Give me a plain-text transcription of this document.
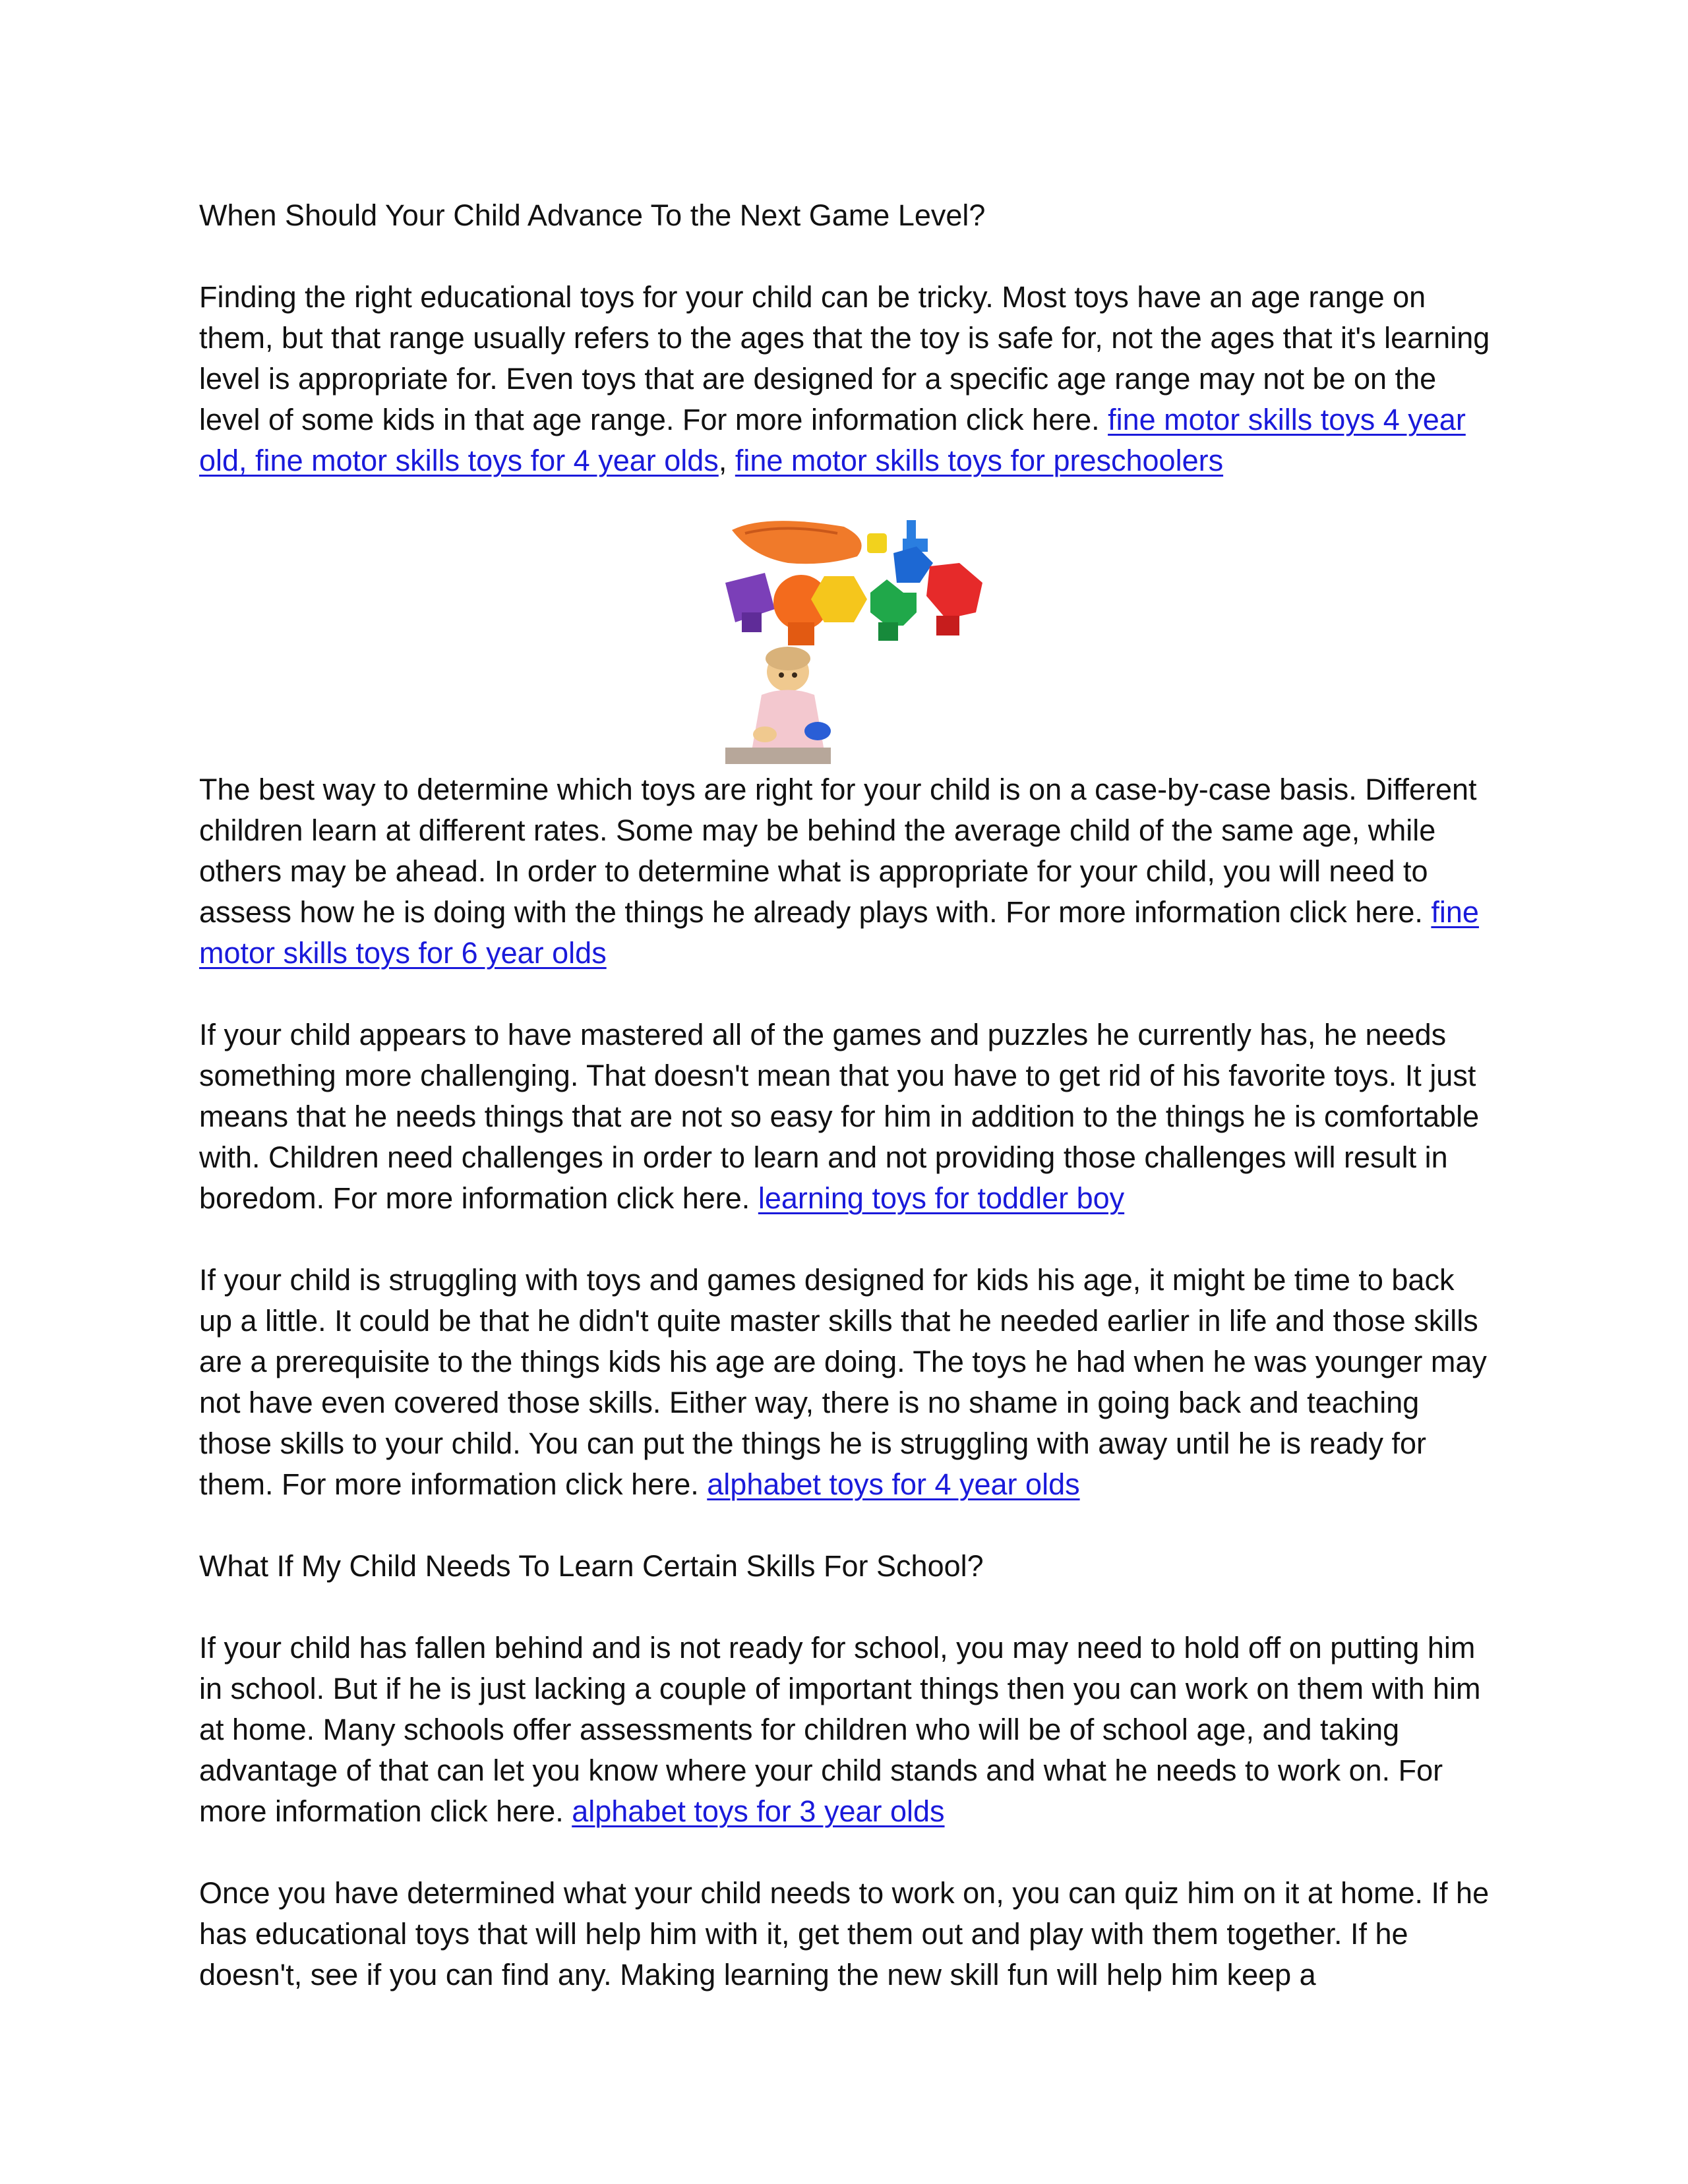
When Should Your Child Advance To the Next Game Level?

Finding the right educational toys for your child can be tricky. Most toys have an age range on them, but that range usually refers to the ages that the toy is safe for, not the ages that it's learning level is appropriate for. Even toys that are designed for a specific age range may not be on the level of some kids in that age range. For more information click here. fine motor skills toys 4 year old, fine motor skills toys for 4 year olds, fine motor skills toys for preschoolers

The best way to determine which toys are right for your child is on a case-by-case basis. Different children learn at different rates. Some may be behind the average child of the same age, while others may be ahead. In order to determine what is appropriate for your child, you will need to assess how he is doing with the things he already plays with. For more information click here. fine motor skills toys for 6 year olds

If your child appears to have mastered all of the games and puzzles he currently has, he needs something more challenging. That doesn't mean that you have to get rid of his favorite toys. It just means that he needs things that are not so easy for him in addition to the things he is comfortable with. Children need challenges in order to learn and not providing those challenges will result in boredom. For more information click here. learning toys for toddler boy

If your child is struggling with toys and games designed for kids his age, it might be time to back up a little. It could be that he didn't quite master skills that he needed earlier in life and those skills are a prerequisite to the things kids his age are doing. The toys he had when he was younger may not have even covered those skills. Either way, there is no shame in going back and teaching those skills to your child. You can put the things he is struggling with away until he is ready for them. For more information click here. alphabet toys for 4 year olds

What If My Child Needs To Learn Certain Skills For School?

If your child has fallen behind and is not ready for school, you may need to hold off on putting him in school. But if he is just lacking a couple of important things then you can work on them with him at home. Many schools offer assessments for children who will be of school age, and taking advantage of that can let you know where your child stands and what he needs to work on. For more information click here. alphabet toys for 3 year olds

Once you have determined what your child needs to work on, you can quiz him on it at home. If he has educational toys that will help him with it, get them out and play with them together. If he doesn't, see if you can find any. Making learning the new skill fun will help him keep a
